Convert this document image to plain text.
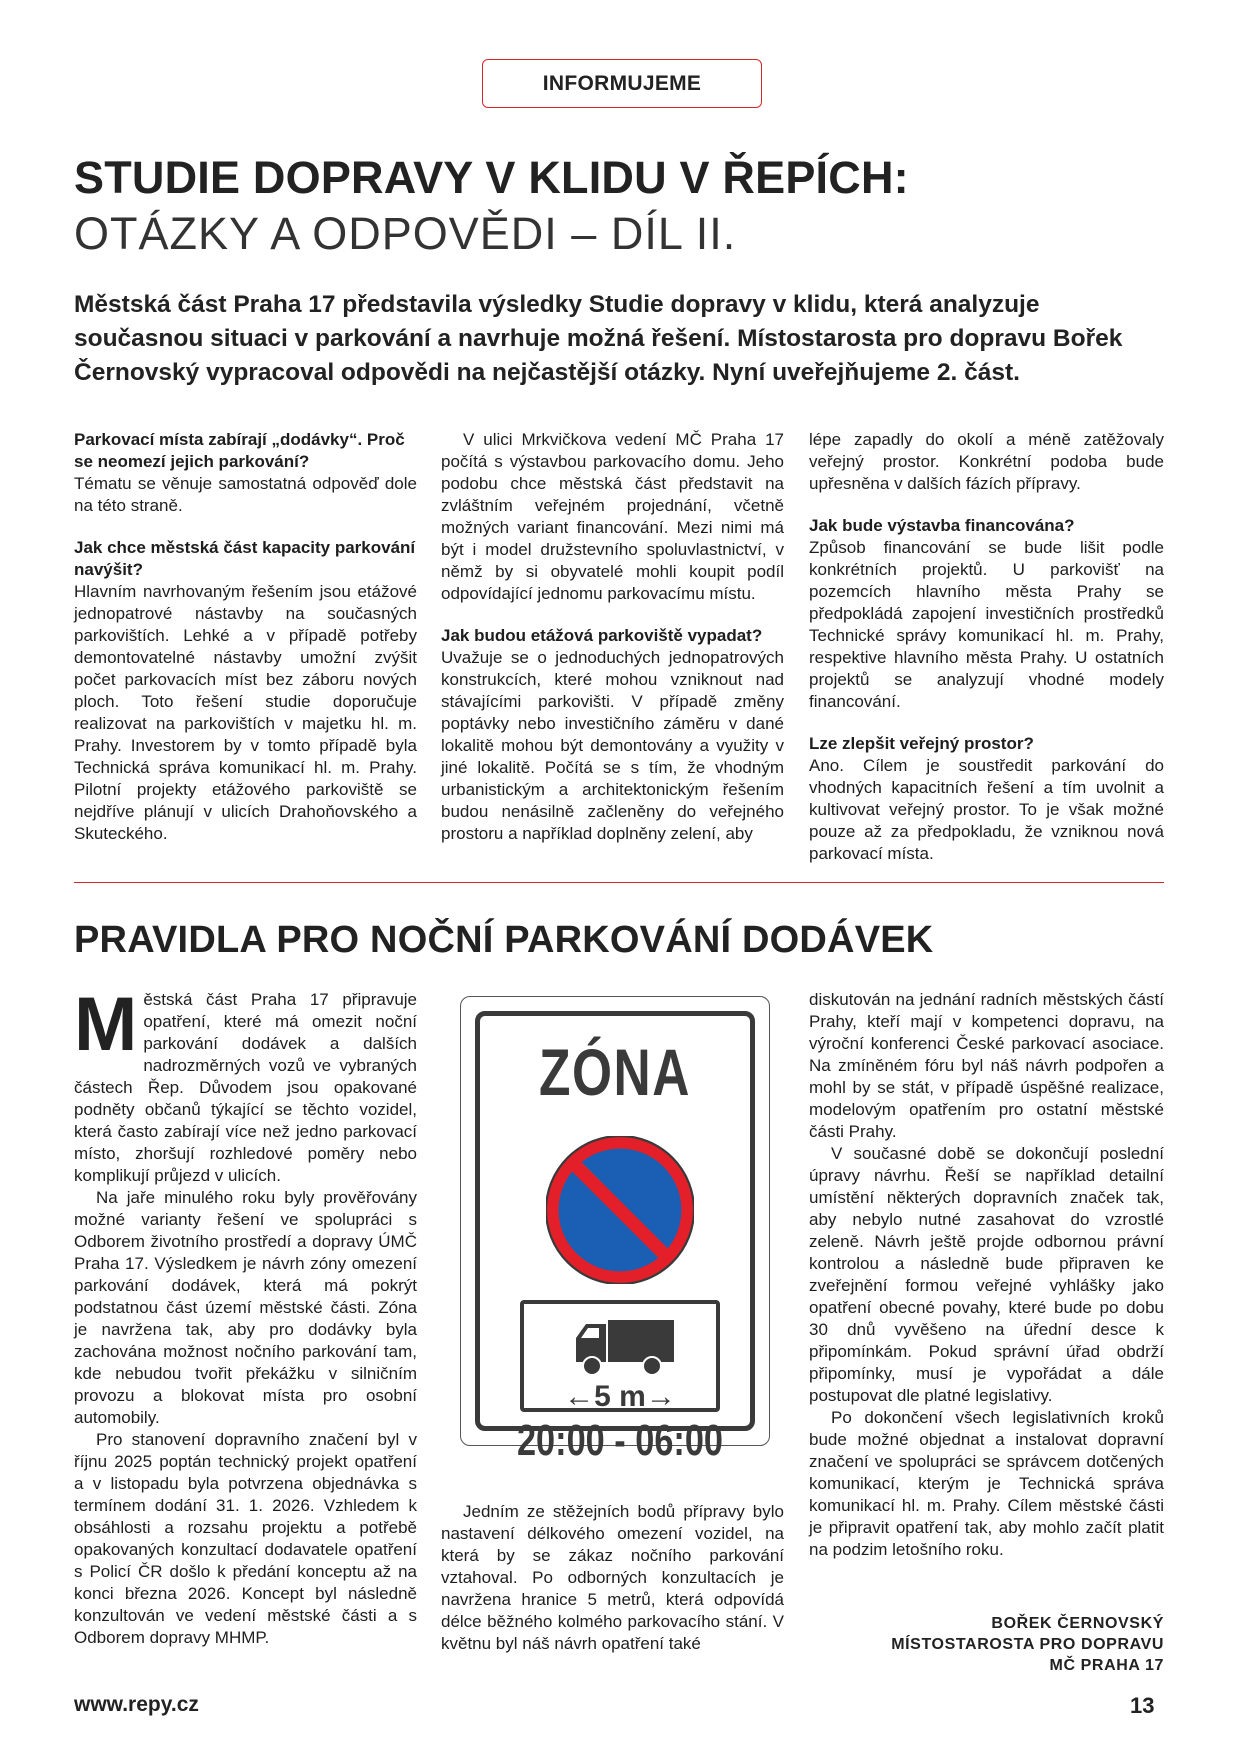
INFORMUJEME
STUDIE DOPRAVY V KLIDU V ŘEPÍCH:
OTÁZKY A ODPOVĚDI – DÍL II.
Městská část Praha 17 představila výsledky Studie dopravy v klidu, která analyzuje současnou situaci v parkování a navrhuje možná řešení. Místostarosta pro dopravu Bořek Černovský vypracoval odpovědi na nejčastější otázky. Nyní uveřejňujeme 2. část.
Parkovací místa zabírají „dodávky“. Proč se neomezí jejich parkování?

Tématu se věnuje samostatná odpověď dole na této straně.

Jak chce městská část kapacity parkování navýšit?

Hlavním navrhovaným řešením jsou etážové jednopatrové nástavby na současných parkovištích. Lehké a v případě potřeby demontovatelné nástavby umožní zvýšit počet parkovacích míst bez záboru nových ploch. Toto řešení studie doporučuje realizovat na parkovištích v majetku hl. m. Prahy. Investorem by v tomto případě byla Technická správa komunikací hl. m. Prahy. Pilotní projekty etážového parkoviště se nejdříve plánují v ulicích Drahoňovského a Skuteckého.

V ulici Mrkvičkova vedení MČ Praha 17 počítá s výstavbou parkovacího domu. Jeho podobu chce městská část představit na zvláštním veřejném projednání, včetně možných variant financování. Mezi nimi má být i model družstevního spoluvlastnictví, v němž by si obyvatelé mohli koupit podíl odpovídající jednomu parkovacímu místu.

Jak budou etážová parkoviště vypadat?

Uvažuje se o jednoduchých jednopatrových konstrukcích, které mohou vzniknout nad stávajícími parkovišti. V případě změny poptávky nebo investičního záměru v dané lokalitě mohou být demontovány a využity v jiné lokalitě. Počítá se s tím, že vhodným urbanistickým a architektonickým řešením budou nenásilně začleněny do veřejného prostoru a například doplněny zelení, aby

lépe zapadly do okolí a méně zatěžovaly veřejný prostor. Konkrétní podoba bude upřesněna v dalších fázích přípravy.

Jak bude výstavba financována?

Způsob financování se bude lišit podle konkrétních projektů. U parkovišť na pozemcích hlavního města Prahy se předpokládá zapojení investičních prostředků Technické správy komunikací hl. m. Prahy, respektive hlavního města Prahy. U ostatních projektů se analyzují vhodné modely financování.

Lze zlepšit veřejný prostor?

Ano. Cílem je soustředit parkování do vhodných kapacitních řešení a tím uvolnit a kultivovat veřejný prostor. To je však možné pouze až za předpokladu, že vzniknou nová parkovací místa.

PRAVIDLA PRO NOČNÍ PARKOVÁNÍ DODÁVEK

Městská část Praha 17 připravuje opatření, které má omezit noční parkování dodávek a dalších nadrozměrných vozů ve vybraných částech Řep. Důvodem jsou opakované podněty občanů týkající se těchto vozidel, která často zabírají více než jedno parkovací místo, zhoršují rozhledové poměry nebo komplikují průjezd v ulicích.

Na jaře minulého roku byly prověřovány možné varianty řešení ve spolupráci s Odborem životního prostředí a dopravy ÚMČ Praha 17. Výsledkem je návrh zóny omezení parkování dodávek, která má pokrýt podstatnou část území městské části. Zóna je navržena tak, aby pro dodávky byla zachována možnost nočního parkování tam, kde nebudou tvořit překážku v silničním provozu a blokovat místa pro osobní automobily.

Pro stanovení dopravního značení byl v říjnu 2025 poptán technický projekt opatření a v listopadu byla potvrzena objednávka s termínem dodání 31. 1. 2026. Vzhledem k obsáhlosti a rozsahu projektu a potřebě opakovaných konzultací dodavatele opatření s Policí ČR došlo k předání konceptu až na konci března 2026. Koncept byl následně konzultován ve vedení městské části a s Odborem dopravy MHMP.

ZÓNA
←5 m→
20:00 - 06:00

Jedním ze stěžejních bodů přípravy bylo nastavení délkového omezení vozidel, na která by se zákaz nočního parkování vztahoval. Po odborných konzultacích je navržena hranice 5 metrů, která odpovídá délce běžného kolmého parkovacího stání. V květnu byl náš návrh opatření také

diskutován na jednání radních městských částí Prahy, kteří mají v kompetenci dopravu, na výroční konferenci České parkovací asociace. Na zmíněném fóru byl náš návrh podpořen a mohl by se stát, v případě úspěšné realizace, modelovým opatřením pro ostatní městské části Prahy.

V současné době se dokončují poslední úpravy návrhu. Řeší se například detailní umístění některých dopravních značek tak, aby nebylo nutné zasahovat do vzrostlé zeleně. Návrh ještě projde odbornou právní kontrolou a následně bude připraven ke zveřejnění formou veřejné vyhlášky jako opatření obecné povahy, které bude po dobu 30 dnů vyvěšeno na úřední desce k připomínkám. Pokud správní úřad obdrží připomínky, musí je vypořádat a dále postupovat dle platné legislativy.

Po dokončení všech legislativních kroků bude možné objednat a instalovat dopravní značení ve spolupráci se správcem dotčených komunikací, kterým je Technická správa komunikací hl. m. Prahy. Cílem městské části je připravit opatření tak, aby mohlo začít platit na podzim letošního roku.

BOŘEK ČERNOVSKÝ
MÍSTOSTAROSTA PRO DOPRAVU
MČ PRAHA 17
www.repy.cz	13
